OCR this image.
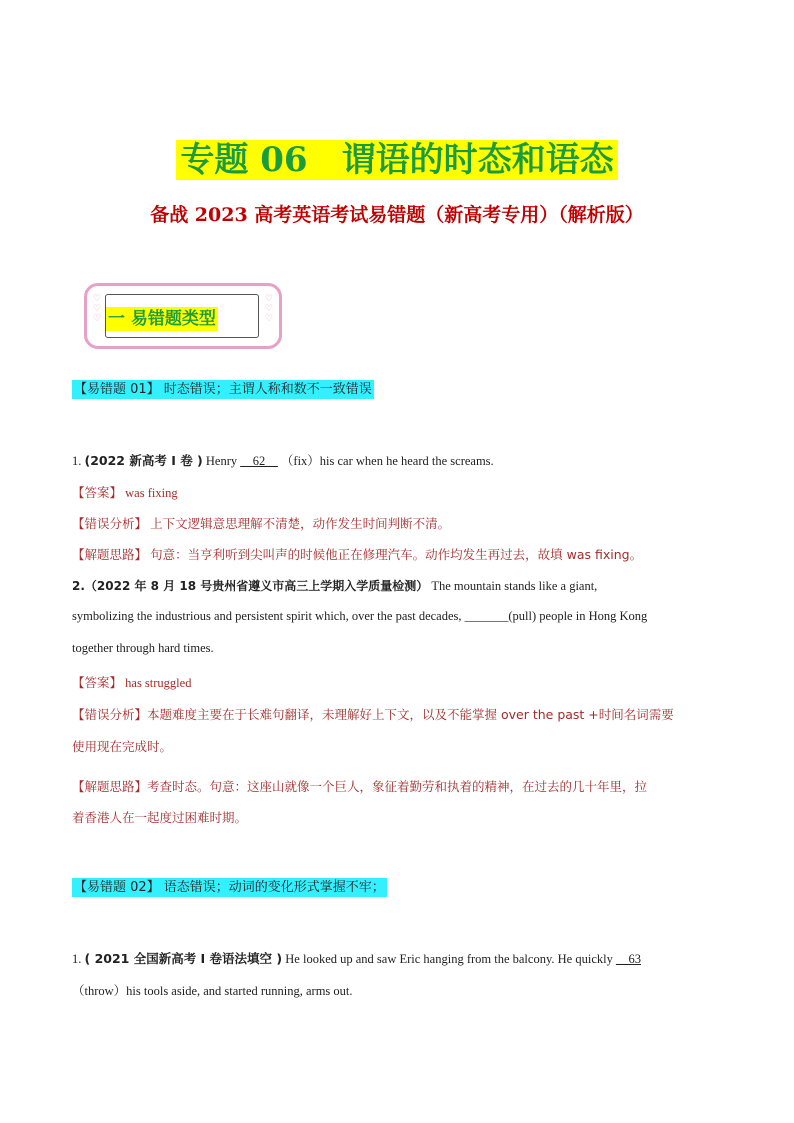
专题 06　谓语的时态和语态
备战 2023 高考英语考试易错题（新高考专用）（解析版）
♡
♡
♡
♡
♡
♡
一 易错题类型
【易错题 01】 时态错误；主谓人称和数不一致错误
1. (2022 新高考 I 卷 ) Henry __62__ （fix）his car when he heard the screams.
【答案】 was fixing
【错误分析】 上下文逻辑意思理解不清楚，动作发生时间判断不清。
【解题思路】 句意：当亨利听到尖叫声的时候他正在修理汽车。动作均发生再过去，故填 was fixing。
2.（2022 年 8 月 18 号贵州省遵义市高三上学期入学质量检测） The mountain stands like a giant,
symbolizing the industrious and persistent spirit which, over the past decades, _______(pull) people in Hong Kong
together through hard times.
【答案】 has struggled
【错误分析】本题难度主要在于长难句翻译，未理解好上下文，以及不能掌握 over the past +时间名词需要
使用现在完成时。
【解题思路】考查时态。句意：这座山就像一个巨人，象征着勤劳和执着的精神，在过去的几十年里，拉
着香港人在一起度过困难时期。
【易错题 02】 语态错误；动词的变化形式掌握不牢；
1. ( 2021 全国新高考 I 卷语法填空 ) He looked up and saw Eric hanging from the balcony. He quickly __63
（throw）his tools aside, and started running, arms out.
